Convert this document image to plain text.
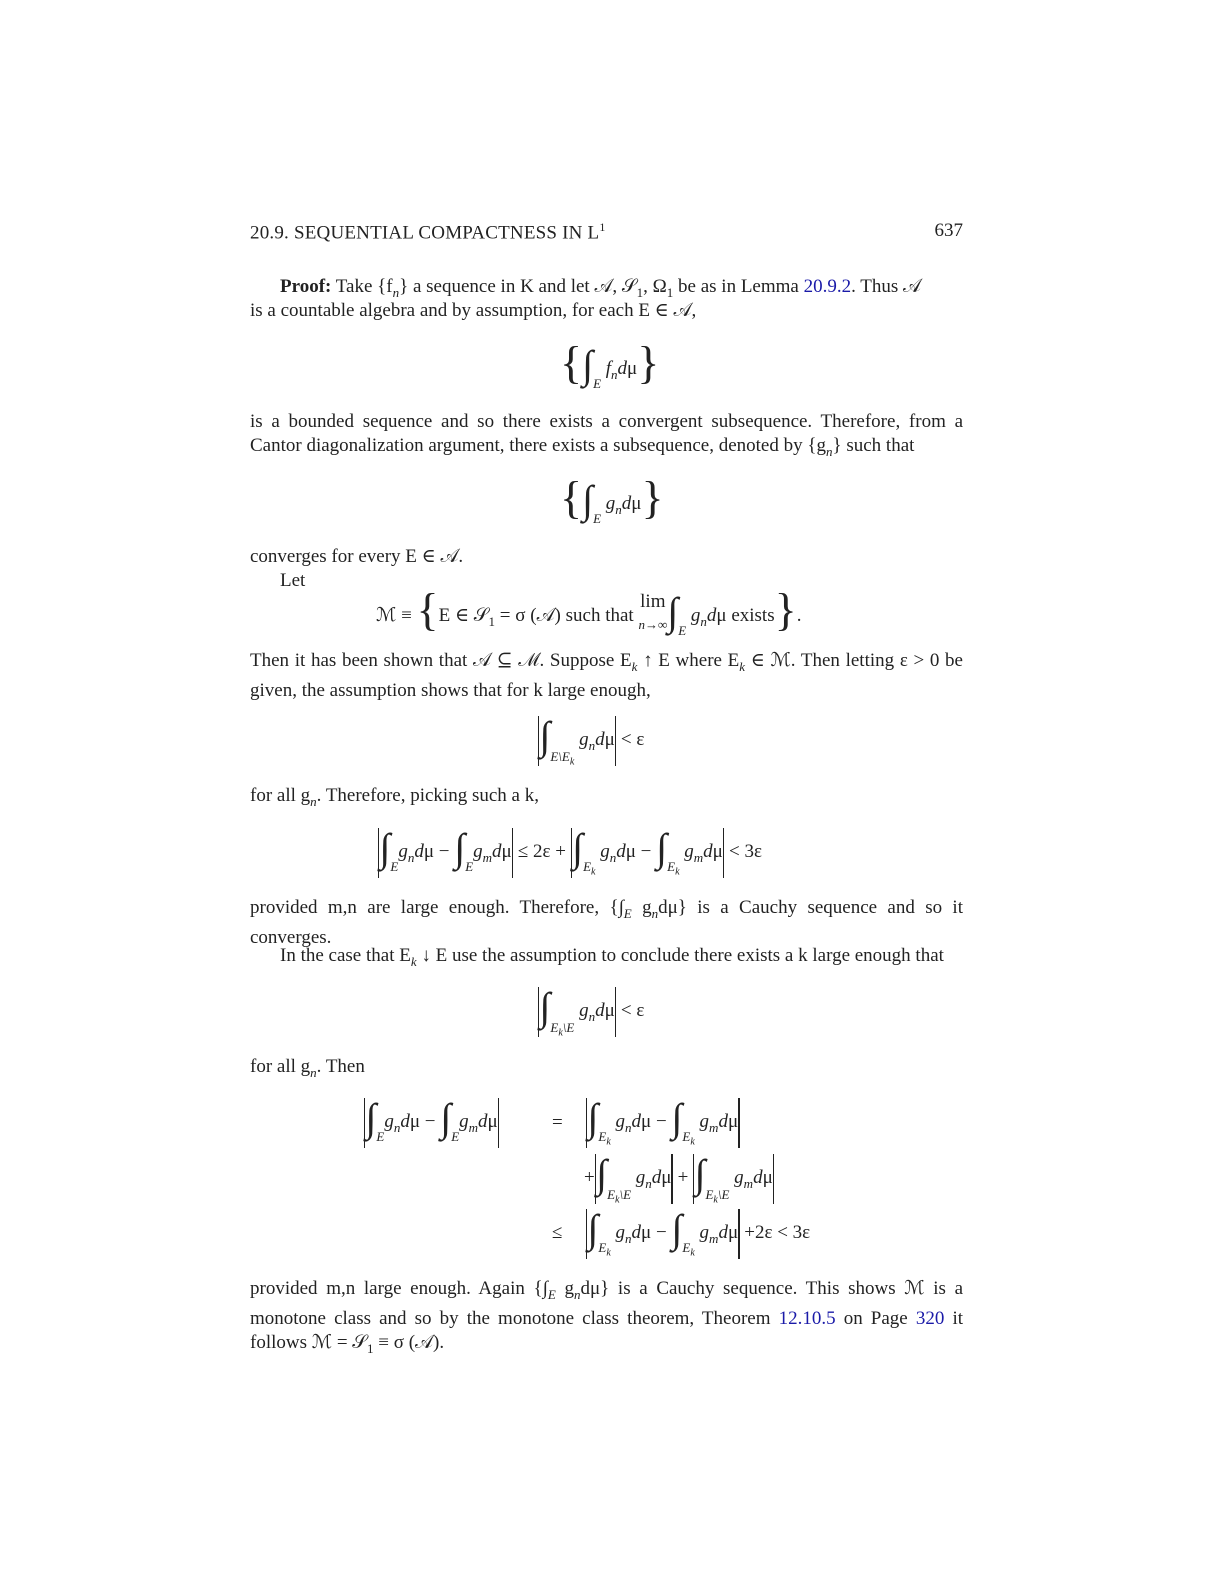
20.9. SEQUENTIAL COMPACTNESS IN $L^1$	637
Proof: Take $\{f_n\}$ a sequence in K and let 𝒜, 𝒮$_1$, $\Omega_1$ be as in Lemma 20.9.2. Thus 𝒜
is a countable algebra and by assumption, for each E ∈ 𝒜,
{$\int_E$ $f_nd\mu$}
is a bounded sequence and so there exists a convergent subsequence. Therefore, from a Cantor diagonalization argument, there exists a subsequence, denoted by $\{g_n\}$ such that
{$\int_E$ $g_nd\mu$}
converges for every E ∈ 𝒜.
Let
ℳ ≡ {E ∈ 𝒮$_1$ = σ (𝒜) such that lim
$n\to\infty\int_E$ $g_nd\mu$ exists}.
Then it has been shown that 𝒜 ⊆ ℳ. Suppose $E_k$ ↑ E where $E_k$ ∈ ℳ. Then letting ε > 0 be given, the assumption shows that for k large enough,
$\int_{E\backslash E_k}$ $g_nd\mu < \varepsilon$
for all $g_n$. Therefore, picking such a k,
$\int_Eg_nd\mu - \int_Eg_md\mu \le 2\varepsilon + \int_{E_k}$ $g_nd\mu - \int_{E_k}$ $g_md\mu < 3\varepsilon$
provided m,n are large enough. Therefore, {$\int_E$ $g_nd\mu$} is a Cauchy sequence and so it converges.
In the case that $E_k$ ↓ E use the assumption to conclude there exists a k large enough that
$\int_{E_k\backslash E}$ $g_nd\mu < \varepsilon$
for all $g_n$. Then
$\int_Eg_nd\mu - \int_Eg_md\mu$	= $\int_{E_k}$ $g_nd\mu - \int_{E_k}$ $g_md\mu$
$+\int_{E_k\backslash E}$ $g_nd\mu + \int_{E_k\backslash E}$ $g_md\mu$
≤ $\int_{E_k}$ $g_nd\mu - \int_{E_k}$ $g_md\mu +2\varepsilon < 3\varepsilon$
provided m,n large enough. Again {$\int_E$ $g_nd\mu$} is a Cauchy sequence. This shows ℳ is a monotone class and so by the monotone class theorem, Theorem 12.10.5 on Page 320 it follows ℳ = 𝒮$_1$ ≡ σ (𝒜).
